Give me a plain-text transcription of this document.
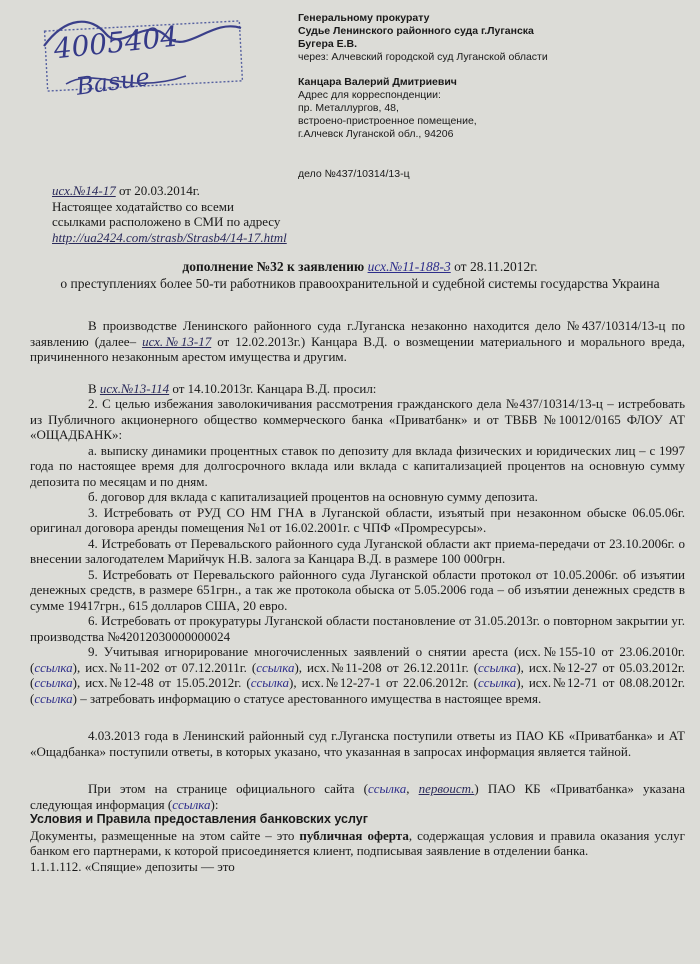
4005404
Basue
Генеральному прокурату
Судье Ленинского районного суда г.Луганска
Бугера Е.В.
через: Алчевский городской суд Луганской области
Канцара Валерий Дмитриевич
Адрес для корреспонденции:
пр. Металлургов, 48,
встроено-пристроенное помещение,
г.Алчевск Луганской обл., 94206
дело №437/10314/13-ц
исх.№14-17 от 20.03.2014г.
Настоящее ходатайство со всеми
ссылками расположено в СМИ по адресу
http://ua2424.com/strasb/Strasb4/14-17.html
дополнение №32 к заявлению исх.№11-188-3 от 28.11.2012г.
о преступлениях более 50-ти работников правоохранительной и судебной системы государства Украина

В производстве Ленинского районного суда г.Луганска незаконно находится дело №437/10314/13-ц по заявлению (далее– исх.№13-17 от 12.02.2013г.) Канцара В.Д. о возмещении материального и морального вреда, причиненного незаконным арестом имущества и другим.

В исх.№13-114 от 14.10.2013г. Канцара В.Д. просил:

2. С целью избежания заволокичивания рассмотрения гражданского дела №437/10314/13-ц – истребовать из Публичного акционерного общество коммерческого банка «Приватбанк» и от ТВБВ №10012/0165 ФЛОУ АТ «ОЩАДБАНК»:

а. выписку динамики процентных ставок по депозиту для вклада физических и юридических лиц – с 1997 года по настоящее время для долгосрочного вклада или вклада с капитализацией процентов на основную сумму депозита по месяцам и по дням.

б. договор для вклада с капитализацией процентов на основную сумму депозита.

3. Истребовать от РУД СО НМ ГНА в Луганской области, изъятый при незаконном обыске 06.05.06г. оригинал договора аренды помещения №1 от 16.02.2001г. с ЧПФ «Промресурсы».

4. Истребовать от Перевальского районного суда Луганской области акт приема-передачи от 23.10.2006г. о внесении залогодателем Марийчук Н.В. залога за Канцара В.Д. в размере 100 000грн.

5. Истребовать от Перевальского районного суда Луганской области протокол от 10.05.2006г. об изъятии денежных средств, в размере 651грн., а так же протокола обыска от 5.05.2006 года – об изъятии денежных средств в сумме 19417грн., 615 долларов США, 20 евро.

6. Истребовать от прокуратуры Луганской области постановление от 31.05.2013г. о повторном закрытии уг. производства №42012030000000024

9. Учитывая игнорирование многочисленных заявлений о снятии ареста (исх.№155-10 от 23.06.2010г. (ссылка), исх.№11-202 от 07.12.2011г. (ссылка), исх.№11-208 от 26.12.2011г. (ссылка), исх.№12-27 от 05.03.2012г. (ссылка), исх.№12-48 от 15.05.2012г. (ссылка), исх.№12-27-1 от 22.06.2012г. (ссылка), исх.№12-71 от 08.08.2012г. (ссылка) – затребовать информацию о статусе арестованного имущества в настоящее время.

4.03.2013 года в Ленинский районный суд г.Луганска поступили ответы из ПАО КБ «Приватбанка» и АТ «Ощадбанка» поступили ответы, в которых указано, что указанная в запросах информация является тайной.

При этом на странице официального сайта (ссылка, первоист.) ПАО КБ «Приватбанка» указана следующая информация (ссылка):

Условия и Правила предоставления банковских услуг

Документы, размещенные на этом сайте – это публичная оферта, содержащая условия и правила оказания услуг банком его партнерами, к которой присоединяется клиент, подписывая заявление в отделении банка.

1.1.1.112. «Спящие» депозиты — это
